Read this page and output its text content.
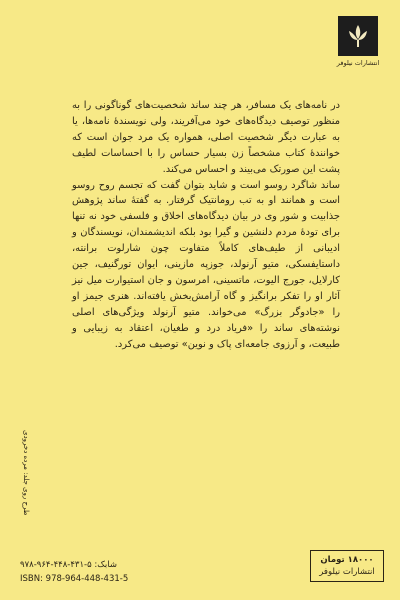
انتشارات نیلوفر

در نامه‌های یک مسافر، هر چند ساند شخصیت‌های گوناگونی را به منظور توصیف دیدگاه‌های خود می‌آفریند، ولی نویسندهٔ نامه‌ها، یا به عبارت دیگر شخصیت اصلی، همواره یک مرد جوان است که خوانندهٔ کتاب مشخصاً زن بسیار حساس را با احساسات لطیف پشت این صورتک می‌بیند و احساس می‌کند.

ساند شاگرد روسو است و شاید بتوان گفت که تجسم روح روسو است و همانند او به تب رومانتیک گرفتار. به گفتهٔ ساند پژوهش جذابیت و شور وی در بیان دیدگاه‌های اخلاق و فلسفی خود نه تنها برای تودهٔ مردم دلنشین و گیرا بود بلکه اندیشمندان، نویسندگان و ادیبانی از طیف‌های کاملاً متفاوت چون شارلوت برانته، داستایفسکی، متیو آرنولد، جوزپه مازینی، ایوان تورگنیف، جین کارلایل، جورج الیوت، ماتسینی، امرسون و جان استیوارت میل نیز آثار او را تفکر برانگیز و گاه آرامش‌بخش یافته‌اند. هنری جیمز او را «جادوگر بزرگ» می‌خواند. متیو آرنولد ویژگی‌های اصلی نوشته‌های ساند را «فریاد درد و طغیان، اعتقاد به زیبایی و طبیعت، و آرزوی جامعه‌ای پاک و نوین» توصیف می‌کرد.

طرح روی جلد: مرده دخرودی
شابک: ۵-۴۳۱-۴۴۸-۹۶۴-۹۷۸
ISBN: 978-964-448-431-5
۱۸۰۰۰ تومان
انتشارات نیلوفر
